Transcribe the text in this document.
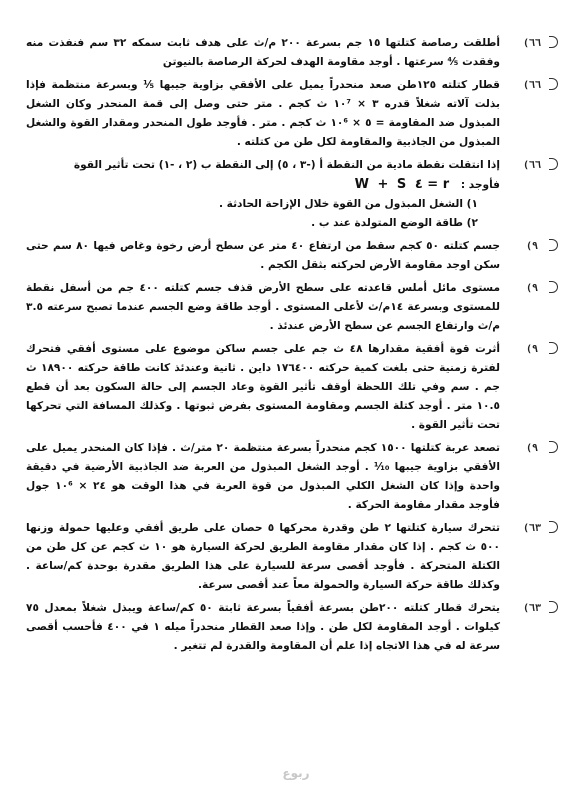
(٦٦

أطلقت رصاصة كتلتها ١٥ جم بسرعة ٢٠٠ م/ث على هدف ثابت سمكه ٣٢ سم فنفذت منه وفقدت ⁴⁄₅ سرعتها . أوجد مقاومة الهدف لحركة الرصاصة بالنيوتن

(٦٦

قطار كتلته ١٢٥طن صعد منحدراً يميل على الأفقي بزاوية جيبها ¹⁄₅ وبسرعة منتظمة فإذا بذلت آلاته شغلاً قدره ٣ × ١٠⁷ ث كجم . متر حتى وصل إلى قمة المنحدر وكان الشغل المبذول ضد المقاومة = ٥ × ١٠⁶ ث كجم . متر . فأوجد طول المنحدر ومقدار القوة والشغل المبذول من الجاذبية والمقاومة لكل طن من كتلته .

(٦٦

إذا انتقلت نقطة مادية من النقطة أ (-٣ ، ٥) إلى النقطة ب (٢ ، -١) تحت تأثير القوة

فأوجد : W + S ٤ = r

١) الشغل المبذول من القوة خلال الإزاحة الحادثة .

٢) طاقة الوضع المتولدة عند ب .

(٩

جسم كتلته ٥٠ كجم سقط من ارتفاع ٤٠ متر عن سطح أرض رخوة وغاص فيها ٨٠ سم حتى سكن اوجد مقاومة الأرض لحركته بثقل الكجم .

(٩

مستوى مائل أملس قاعدته على سطح الأرض قذف جسم كتلته ٤٠٠ جم من أسفل نقطة للمستوى وبسرعة ١٤م/ث لأعلى المستوى . أوجد طاقة وضع الجسم عندما تصبح سرعته ٣.٥ م/ث وارتفاع الجسم عن سطح الأرض عندئذ .

(٩

أثرت قوة أفقية مقدارها ٤٨ ث جم على جسم ساكن موضوع على مستوى أفقي فتحرك لفترة زمنية حتى بلغت كمية حركته ١٧٦٤٠٠ داين . ثانية وعندئذ كانت طاقة حركته ١٨٩٠٠ ث جم . سم وفي تلك اللحظة أوقف تأثير القوة وعاد الجسم إلى حالة السكون بعد أن قطع ١٠.٥ متر . أوجد كتلة الجسم ومقاومة المستوى بفرض ثبوتها . وكذلك المسافة التي تحركها تحت تأثير القوة .

(٩

تصعد عربة كتلتها ١٥٠٠ كجم منحدراً بسرعة منتظمة ٢٠ متر/ث . فإذا كان المنحدر يميل على الأفقي بزاوية جيبها ¹⁄₁₀ . أوجد الشغل المبذول من العربة ضد الجاذبية الأرضية في دقيقة واحدة وإذا كان الشغل الكلي المبذول من قوة العربة في هذا الوقت هو ٢٤ × ١٠⁶ جول فأوجد مقدار مقاومة الحركة .

(٦٣

تتحرك سيارة كتلتها ٢ طن وقدرة محركها ٥ حصان على طريق أفقي وعليها حمولة وزنها ٥٠٠ ث كجم . إذا كان مقدار مقاومة الطريق لحركة السيارة هو ١٠ ث كجم عن كل طن من الكتلة المتحركة . فأوجد أقصى سرعة للسيارة على هذا الطريق مقدرة بوحدة كم/ساعة . وكذلك طاقة حركة السيارة والحمولة معاً عند أقصى سرعة.

(٦٣

يتحرك قطار كتلته ٢٠٠طن بسرعة أفقياً بسرعة ثابتة ٥٠ كم/ساعة ويبذل شغلاً بمعدل ٧٥ كيلوات . أوجد المقاومة لكل طن . وإذا صعد القطار منحدراً ميله ١ في ٤٠٠ فأحسب أقصى سرعة له في هذا الاتجاه إذا علم أن المقاومة والقدرة لم تتغير .

ربوع
